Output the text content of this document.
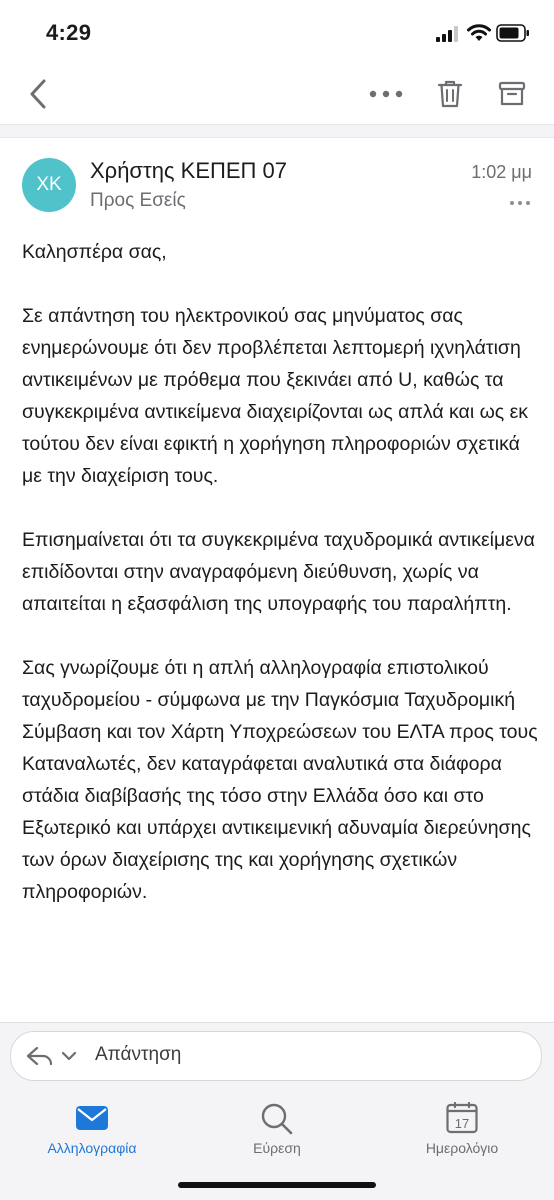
4:29
ΧΚ
Χρήστης ΚΕΠΕΠ 07
Προς Εσείς
1:02 μμ

Καλησπέρα σας,

Σε απάντηση του ηλεκτρονικού σας μηνύματος σας ενημερώνουμε ότι δεν προβλέπεται λεπτομερή ιχνηλάτιση αντικειμένων με πρόθεμα που ξεκινάει από U, καθώς τα συγκεκριμένα αντικείμενα διαχειρίζονται ως απλά και ως εκ τούτου δεν είναι εφικτή η χορήγηση πληροφοριών σχετικά με την διαχείριση τους.

Επισημαίνεται ότι τα συγκεκριμένα ταχυδρομικά αντικείμενα επιδίδονται στην αναγραφόμενη διεύθυνση, χωρίς να απαιτείται η εξασφάλιση της υπογραφής του παραλήπτη.

Σας γνωρίζουμε ότι η απλή αλληλογραφία επιστολικού ταχυδρομείου - σύμφωνα με την Παγκόσμια Ταχυδρομική Σύμβαση και τον Χάρτη Υποχρεώσεων του ΕΛΤΑ προς τους Καταναλωτές, δεν καταγράφεται αναλυτικά στα διάφορα στάδια διαβίβασής της τόσο στην Ελλάδα όσο και στο Εξωτερικό και υπάρχει αντικειμενική αδυναμία διερεύνησης των όρων διαχείρισης της και χορήγησης σχετικών πληροφοριών.

Απάντηση
Αλληλογραφία	Εύρεση
17
Ημερολόγιο
